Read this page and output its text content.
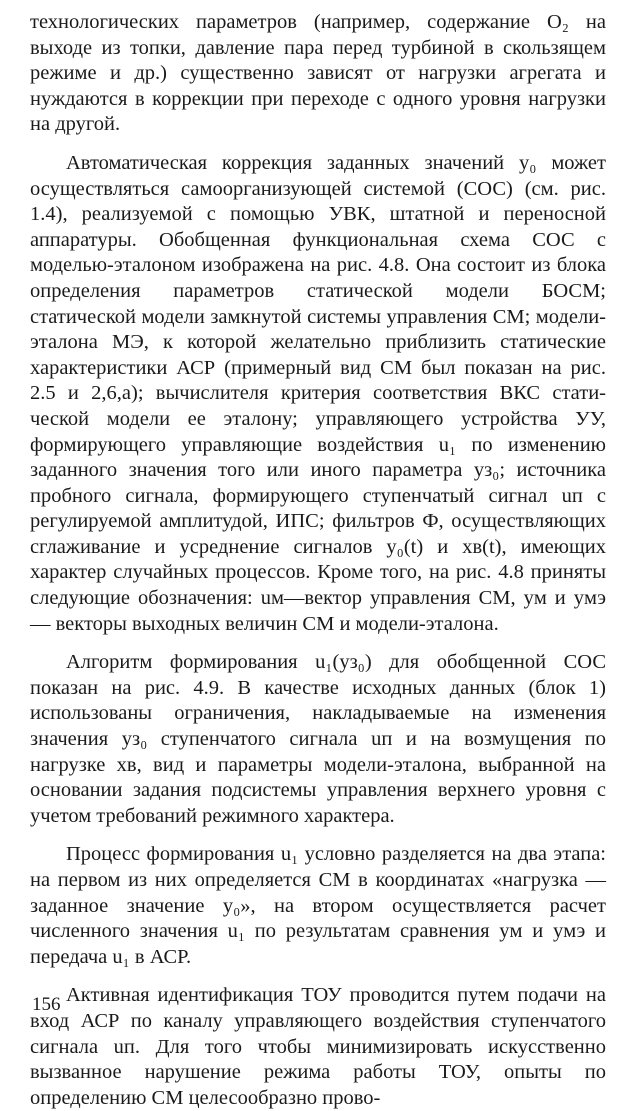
технологических параметров (например, содержание O₂ на выходе из топки, давление пара перед турбиной в скользящем режиме и др.) существенно зависят от нагрузки агрегата и нуждаются в коррекции при переходе с одного уровня нагрузки на другой.

Автоматическая коррекция заданных значений y₀ может осуществляться самоорганизующей системой (СОС) (см. рис. 1.4), реализуемой с помощью УВК, штатной и переносной аппаратуры. Обобщенная функциональная схема СОС с моделью-эталоном изображена на рис. 4.8. Она состоит из блока определения параметров статической модели БОСМ; статической модели замкнутой системы управления СМ; модели-эталона МЭ, к которой желательно приблизить статические характеристики АСР (примерный вид СМ был показан на рис. 2.5 и 2,6,а); вычислителя критерия соответствия ВКС статической модели ее эталону; управляющего устройства УУ, формирующего управляющие воздействия u₁ по изменению заданного значения того или иного параметра yз₀; источника пробного сигнала, формирующего ступенчатый сигнал uп с регулируемой амплитудой, ИПС; фильтров Ф, осуществляющих сглаживание и усреднение сигналов y₀(t) и xв(t), имеющих характер случайных процессов. Кроме того, на рис. 4.8 приняты следующие обозначения: uм—вектор управления СМ, yм и yмэ— векторы выходных величин СМ и модели-эталона.

Алгоритм формирования u₁(yз₀) для обобщенной СОС показан на рис. 4.9. В качестве исходных данных (блок 1) использованы ограничения, накладываемые на изменения значения yз₀ ступенчатого сигнала uп и на возмущения по нагрузке xв, вид и параметры модели-эталона, выбранной на основании задания подсистемы управления верхнего уровня с учетом требований режимного характера.

Процесс формирования u₁ условно разделяется на два этапа: на первом из них определяется СМ в координатах «нагрузка — заданное значение y₀», на втором осуществляется расчет численного значения u₁ по результатам сравнения yм и yмэ и передача u₁ в АСР.

Активная идентификация ТОУ проводится путем подачи на вход АСР по каналу управляющего воздействия ступенчатого сигнала uп. Для того чтобы минимизировать искусственно вызванное нарушение режима работы ТОУ, опыты по определению СМ целесообразно прово-

156
